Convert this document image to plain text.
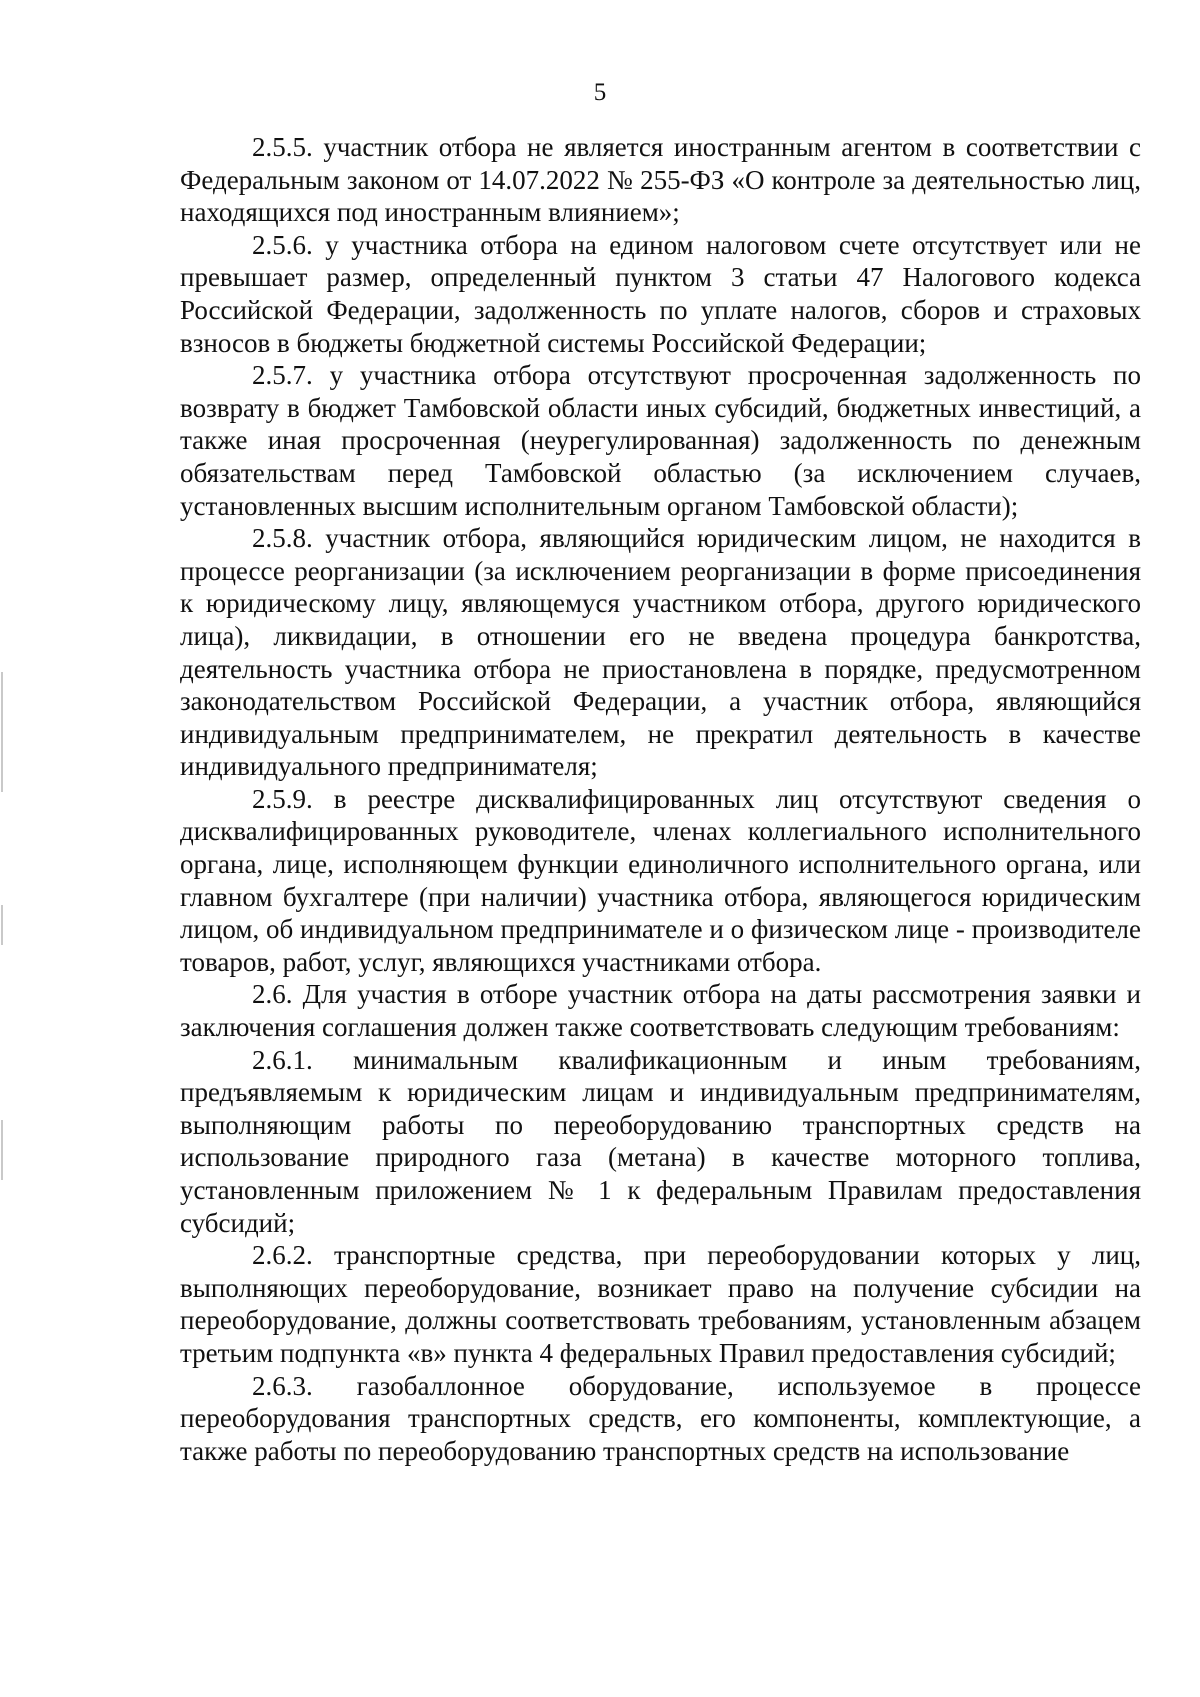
5

2.5.5. участник отбора не является иностранным агентом в соответствии с Федеральным законом от 14.07.2022 № 255-ФЗ «О контроле за деятельностью лиц, находящихся под иностранным влиянием»;

2.5.6. у участника отбора на едином налоговом счете отсутствует или не превышает размер, определенный пунктом 3 статьи 47 Налогового кодекса Российской Федерации, задолженность по уплате налогов, сборов и страховых взносов в бюджеты бюджетной системы Российской Федерации;

2.5.7. у участника отбора отсутствуют просроченная задолженность по возврату в бюджет Тамбовской области иных субсидий, бюджетных инвестиций, а также иная просроченная (неурегулированная) задолженность по денежным обязательствам перед Тамбовской областью (за исключением случаев, установленных высшим исполнительным органом Тамбовской области);

2.5.8. участник отбора, являющийся юридическим лицом, не находится в процессе реорганизации (за исключением реорганизации в форме присоединения к юридическому лицу, являющемуся участником отбора, другого юридического лица), ликвидации, в отношении его не введена процедура банкротства, деятельность участника отбора не приостановлена в порядке, предусмотренном законодательством Российской Федерации, а участник отбора, являющийся индивидуальным предпринимателем, не прекратил деятельность в качестве индивидуального предпринимателя;

2.5.9. в реестре дисквалифицированных лиц отсутствуют сведения о дисквалифицированных руководителе, членах коллегиального исполнительного органа, лице, исполняющем функции единоличного исполнительного органа, или главном бухгалтере (при наличии) участника отбора, являющегося юридическим лицом, об индивидуальном предпринимателе и о физическом лице - производителе товаров, работ, услуг, являющихся участниками отбора.

2.6. Для участия в отборе участник отбора на даты рассмотрения заявки и заключения соглашения должен также соответствовать следующим требованиям:

2.6.1. минимальным квалификационным и иным требованиям, предъявляемым к юридическим лицам и индивидуальным предпринимателям, выполняющим работы по переоборудованию транспортных средств на использование природного газа (метана) в качестве моторного топлива, установленным приложением № 1 к федеральным Правилам предоставления субсидий;

2.6.2. транспортные средства, при переоборудовании которых у лиц, выполняющих переоборудование, возникает право на получение субсидии на переоборудование, должны соответствовать требованиям, установленным абзацем третьим подпункта «в» пункта 4 федеральных Правил предоставления субсидий;

2.6.3. газобаллонное оборудование, используемое в процессе переоборудования транспортных средств, его компоненты, комплектующие, а также работы по переоборудованию транспортных средств на использование
